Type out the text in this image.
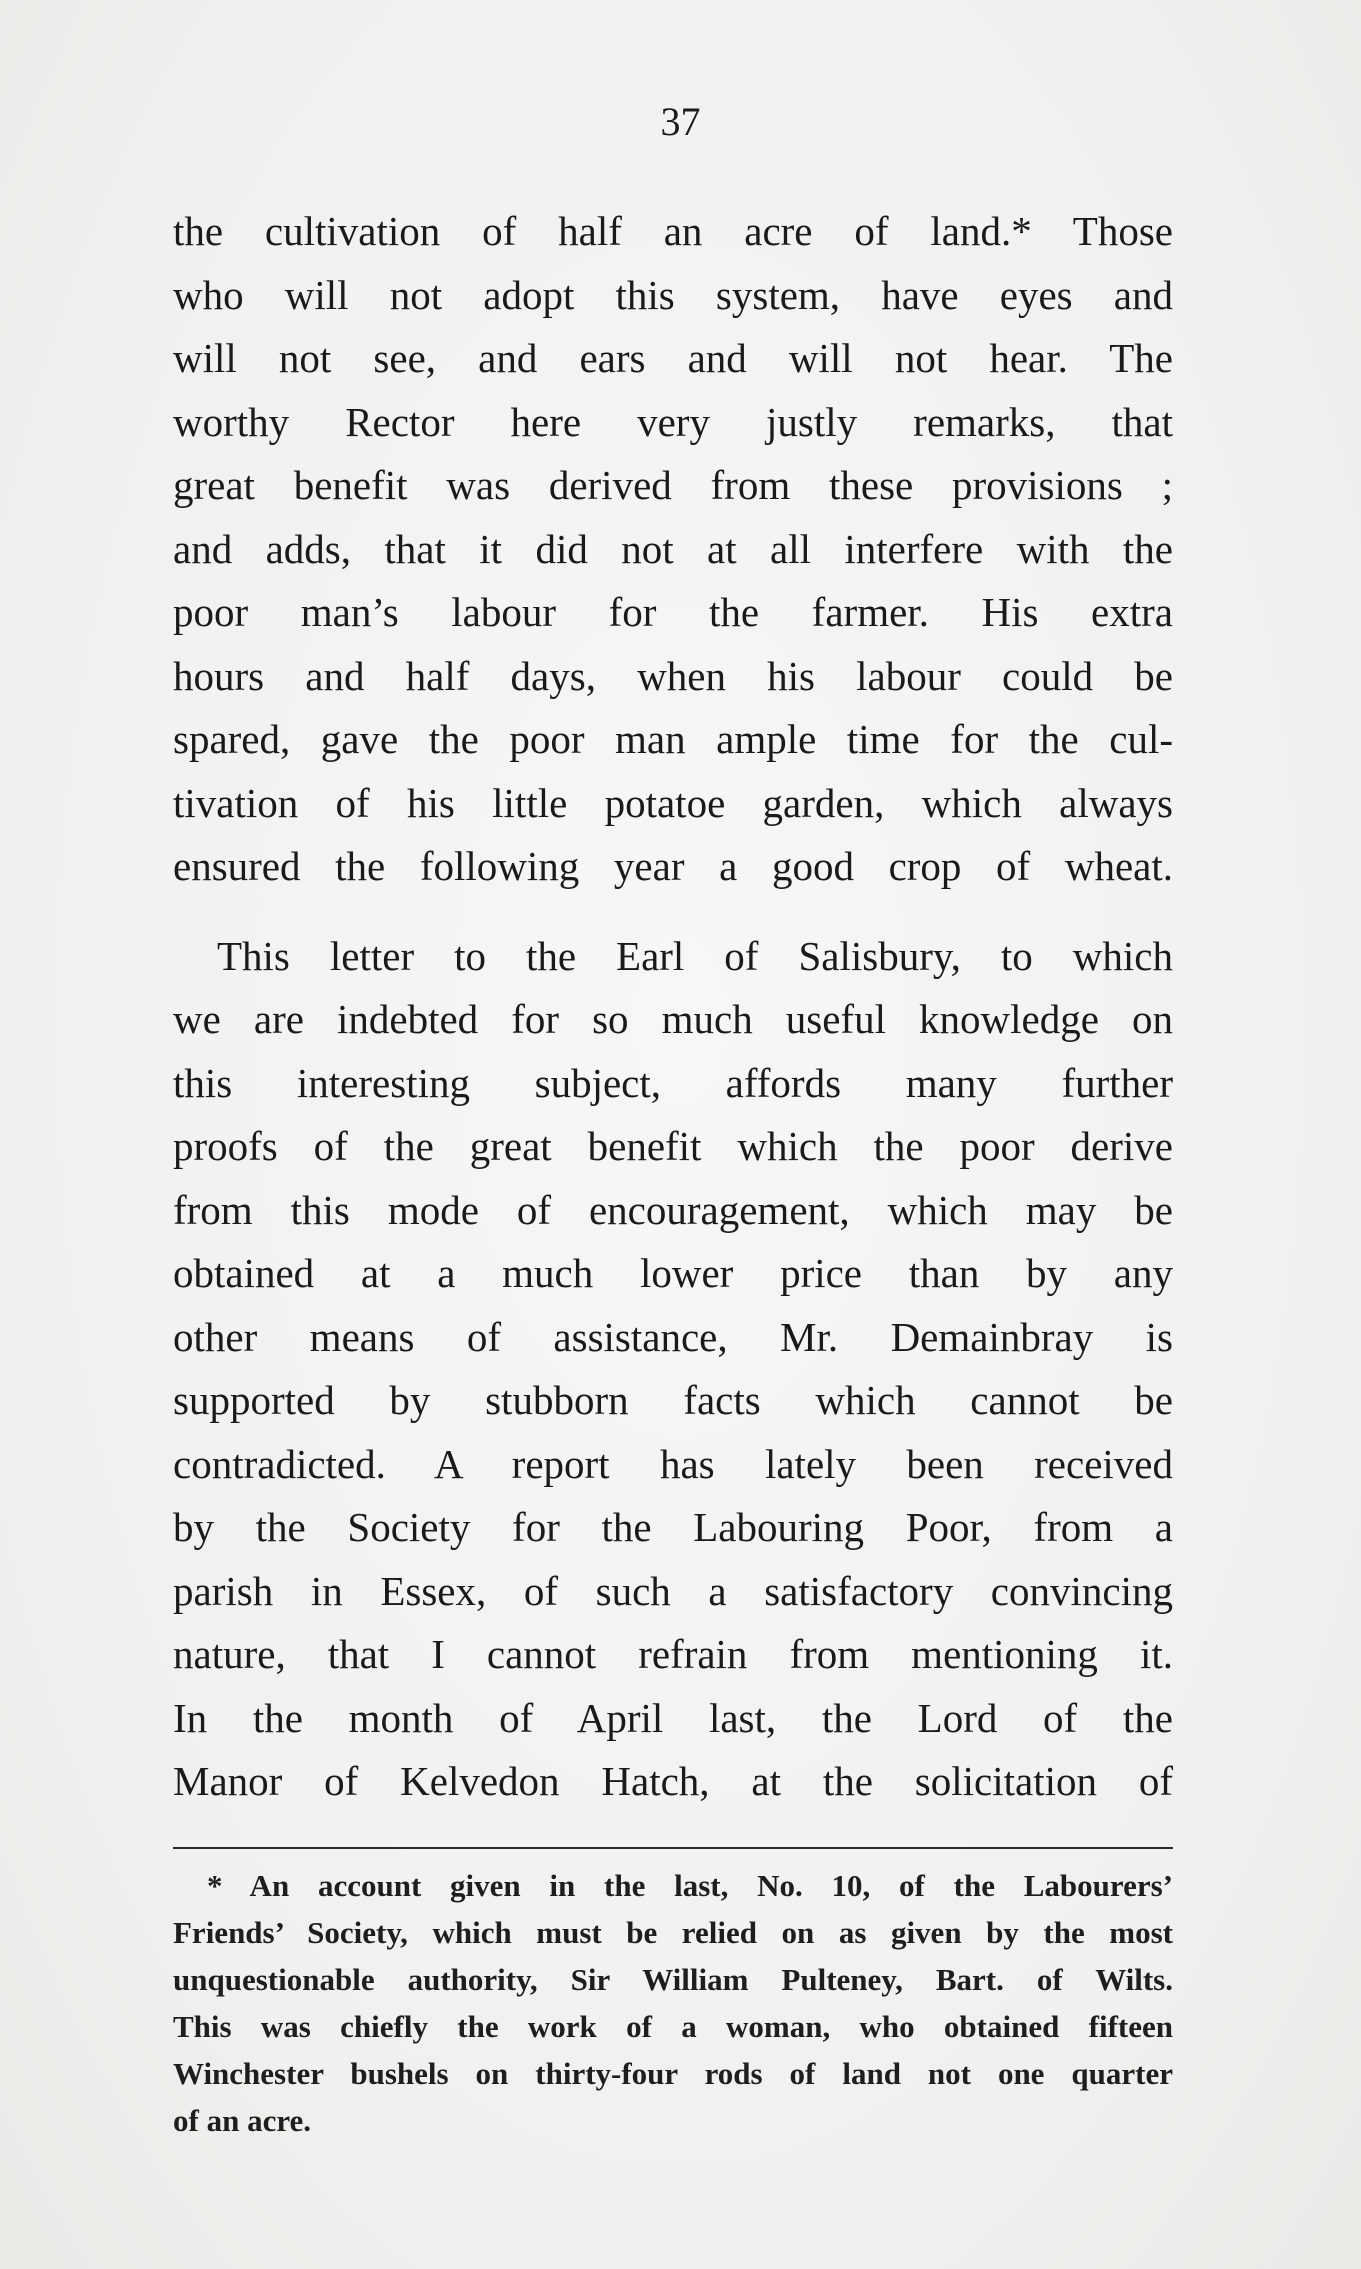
37

the cultivation of half an acre of land.* Those
who will not adopt this system, have eyes and
will not see, and ears and will not hear. The
worthy Rector here very justly remarks, that
great benefit was derived from these provisions ;
and adds, that it did not at all interfere with the
poor man’s labour for the farmer. His extra
hours and half days, when his labour could be
spared, gave the poor man ample time for the cul-
tivation of his little potatoe garden, which always
ensured the following year a good crop of wheat.

This letter to the Earl of Salisbury, to which
we are indebted for so much useful knowledge on
this interesting subject, affords many further
proofs of the great benefit which the poor derive
from this mode of encouragement, which may be
obtained at a much lower price than by any
other means of assistance, Mr. Demainbray is
supported by stubborn facts which cannot be
contradicted. A report has lately been received
by the Society for the Labouring Poor, from a
parish in Essex, of such a satisfactory convincing
nature, that I cannot refrain from mentioning it.
In the month of April last, the Lord of the
Manor of Kelvedon Hatch, at the solicitation of

* An account given in the last, No. 10, of the Labourers’
Friends’ Society, which must be relied on as given by the most
unquestionable authority, Sir William Pulteney, Bart. of Wilts.
This was chiefly the work of a woman, who obtained fifteen
Winchester bushels on thirty-four rods of land not one quarter
of an acre.
